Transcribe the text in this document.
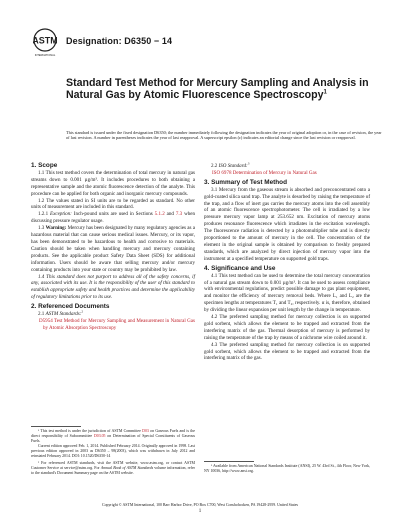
ASTM
INTERNATIONAL
Designation: D6350 − 14
Standard Test Method for Mercury Sampling and Analysis in Natural Gas by Atomic Fluorescence Spectroscopy$^1$
This standard is issued under the fixed designation D6350; the number immediately following the designation indicates the year of original adoption or, in the case of revision, the year of last revision. A number in parentheses indicates the year of last reapproval. A superscript epsilon (ε) indicates an editorial change since the last revision or reapproval.
1. Scope
1.1 This test method covers the determination of total mercury in natural gas streams down to 0.001 µg/m³. It includes procedures to both obtaining a representative sample and the atomic fluorescence detection of the analyte. This procedure can be applied for both organic and inorganic mercury compounds.
1.2 The values stated in SI units are to be regarded as standard. No other units of measurement are included in this standard.
1.2.1 Exception: Inch-pound units are used in Sections 5.1.2 and 7.3 when discussing pressure regulator usage.
1.3 Warning: Mercury has been designated by many regulatory agencies as a hazardous material that can cause serious medical issues. Mercury, or its vapor, has been demonstrated to be hazardous to health and corrosive to materials. Caution should be taken when handling mercury and mercury containing products. See the applicable product Safety Data Sheet (SDS) for additional information. Users should be aware that selling mercury and/or mercury containing products into your state or country may be prohibited by law.
1.4 This standard does not purport to address all of the safety concerns, if any, associated with its use. It is the responsibility of the user of this standard to establish appropriate safety and health practices and determine the applicability of regulatory limitations prior to its use.
2. Referenced Documents
2.1 ASTM Standards:$^2$
D5954 Test Method for Mercury Sampling and Measurement in Natural Gas by Atomic Absorption Spectroscopy
¹ This test method is under the jurisdiction of ASTM Committee D03 on Gaseous Fuels and is the direct responsibility of Subcommittee D03.05 on Determination of Special Constituents of Gaseous Fuels.
Current edition approved Feb. 1, 2014. Published February 2014. Originally approved in 1998. Last previous edition approved in 2003 as D6350 – 98(2003), which was withdrawn in July 2012 and reinstated February 2014. DOI: 10.1520/D6350-14
² For referenced ASTM standards, visit the ASTM website, www.astm.org, or contact ASTM Customer Service at service@astm.org. For Annual Book of ASTM Standards volume information, refer to the standard's Document Summary page on the ASTM website.
2.2 ISO Standard:$^3$
ISO 6978 Determination of Mercury in Natural Gas
3. Summary of Test Method
3.1 Mercury from the gaseous stream is absorbed and preconcentrated onto a gold-coated silica sand trap. The analyte is desorbed by raising the temperature of the trap, and a flow of inert gas carries the mercury atoms into the cell assembly of an atomic fluorescence spectrophotometer. The cell is irradiated by a low pressure mercury vapor lamp at 253.652 nm. Excitation of mercury atoms produces resonance fluorescence which irradiates in the excitation wavelength. The fluorescence radiation is detected by a photomultiplier tube and is directly proportioned to the amount of mercury in the cell. The concentration of the element in the original sample is obtained by comparison to freshly prepared standards, which are analyzed by direct injection of mercury vapor into the instrument at a specified temperature on supported gold traps.
4. Significance and Use
4.1 This test method can be used to determine the total mercury concentration of a natural gas stream down to 0.001 µg/m³. It can be used to assess compliance with environmental regulations, predict possible damage to gas plant equipment, and monitor the efficiency of mercury removal beds. Where L₁ and L₂ are the specimen lengths at temperatures T₁ and T₂, respectively. α is, therefore, obtained by dividing the linear expansion per unit length by the change in temperature.
4.2 The preferred sampling method for mercury collection is on supported gold sorbent, which allows the element to be trapped and extracted from the interfering matrix of the gas. Thermal desorption of mercury is performed by raising the temperature of the trap by means of a nichrome wire coiled around it.
4.3 The preferred sampling method for mercury collection is on supported gold sorbent, which allows the element to be trapped and extracted from the interfering matrix of the gas.
³ Available from American National Standards Institute (ANSI), 25 W. 43rd St., 4th Floor, New York, NY 10036, http://www.ansi.org.
Copyright © ASTM International, 100 Barr Harbor Drive, PO Box C700, West Conshohocken, PA 19428-2959. United States
1
